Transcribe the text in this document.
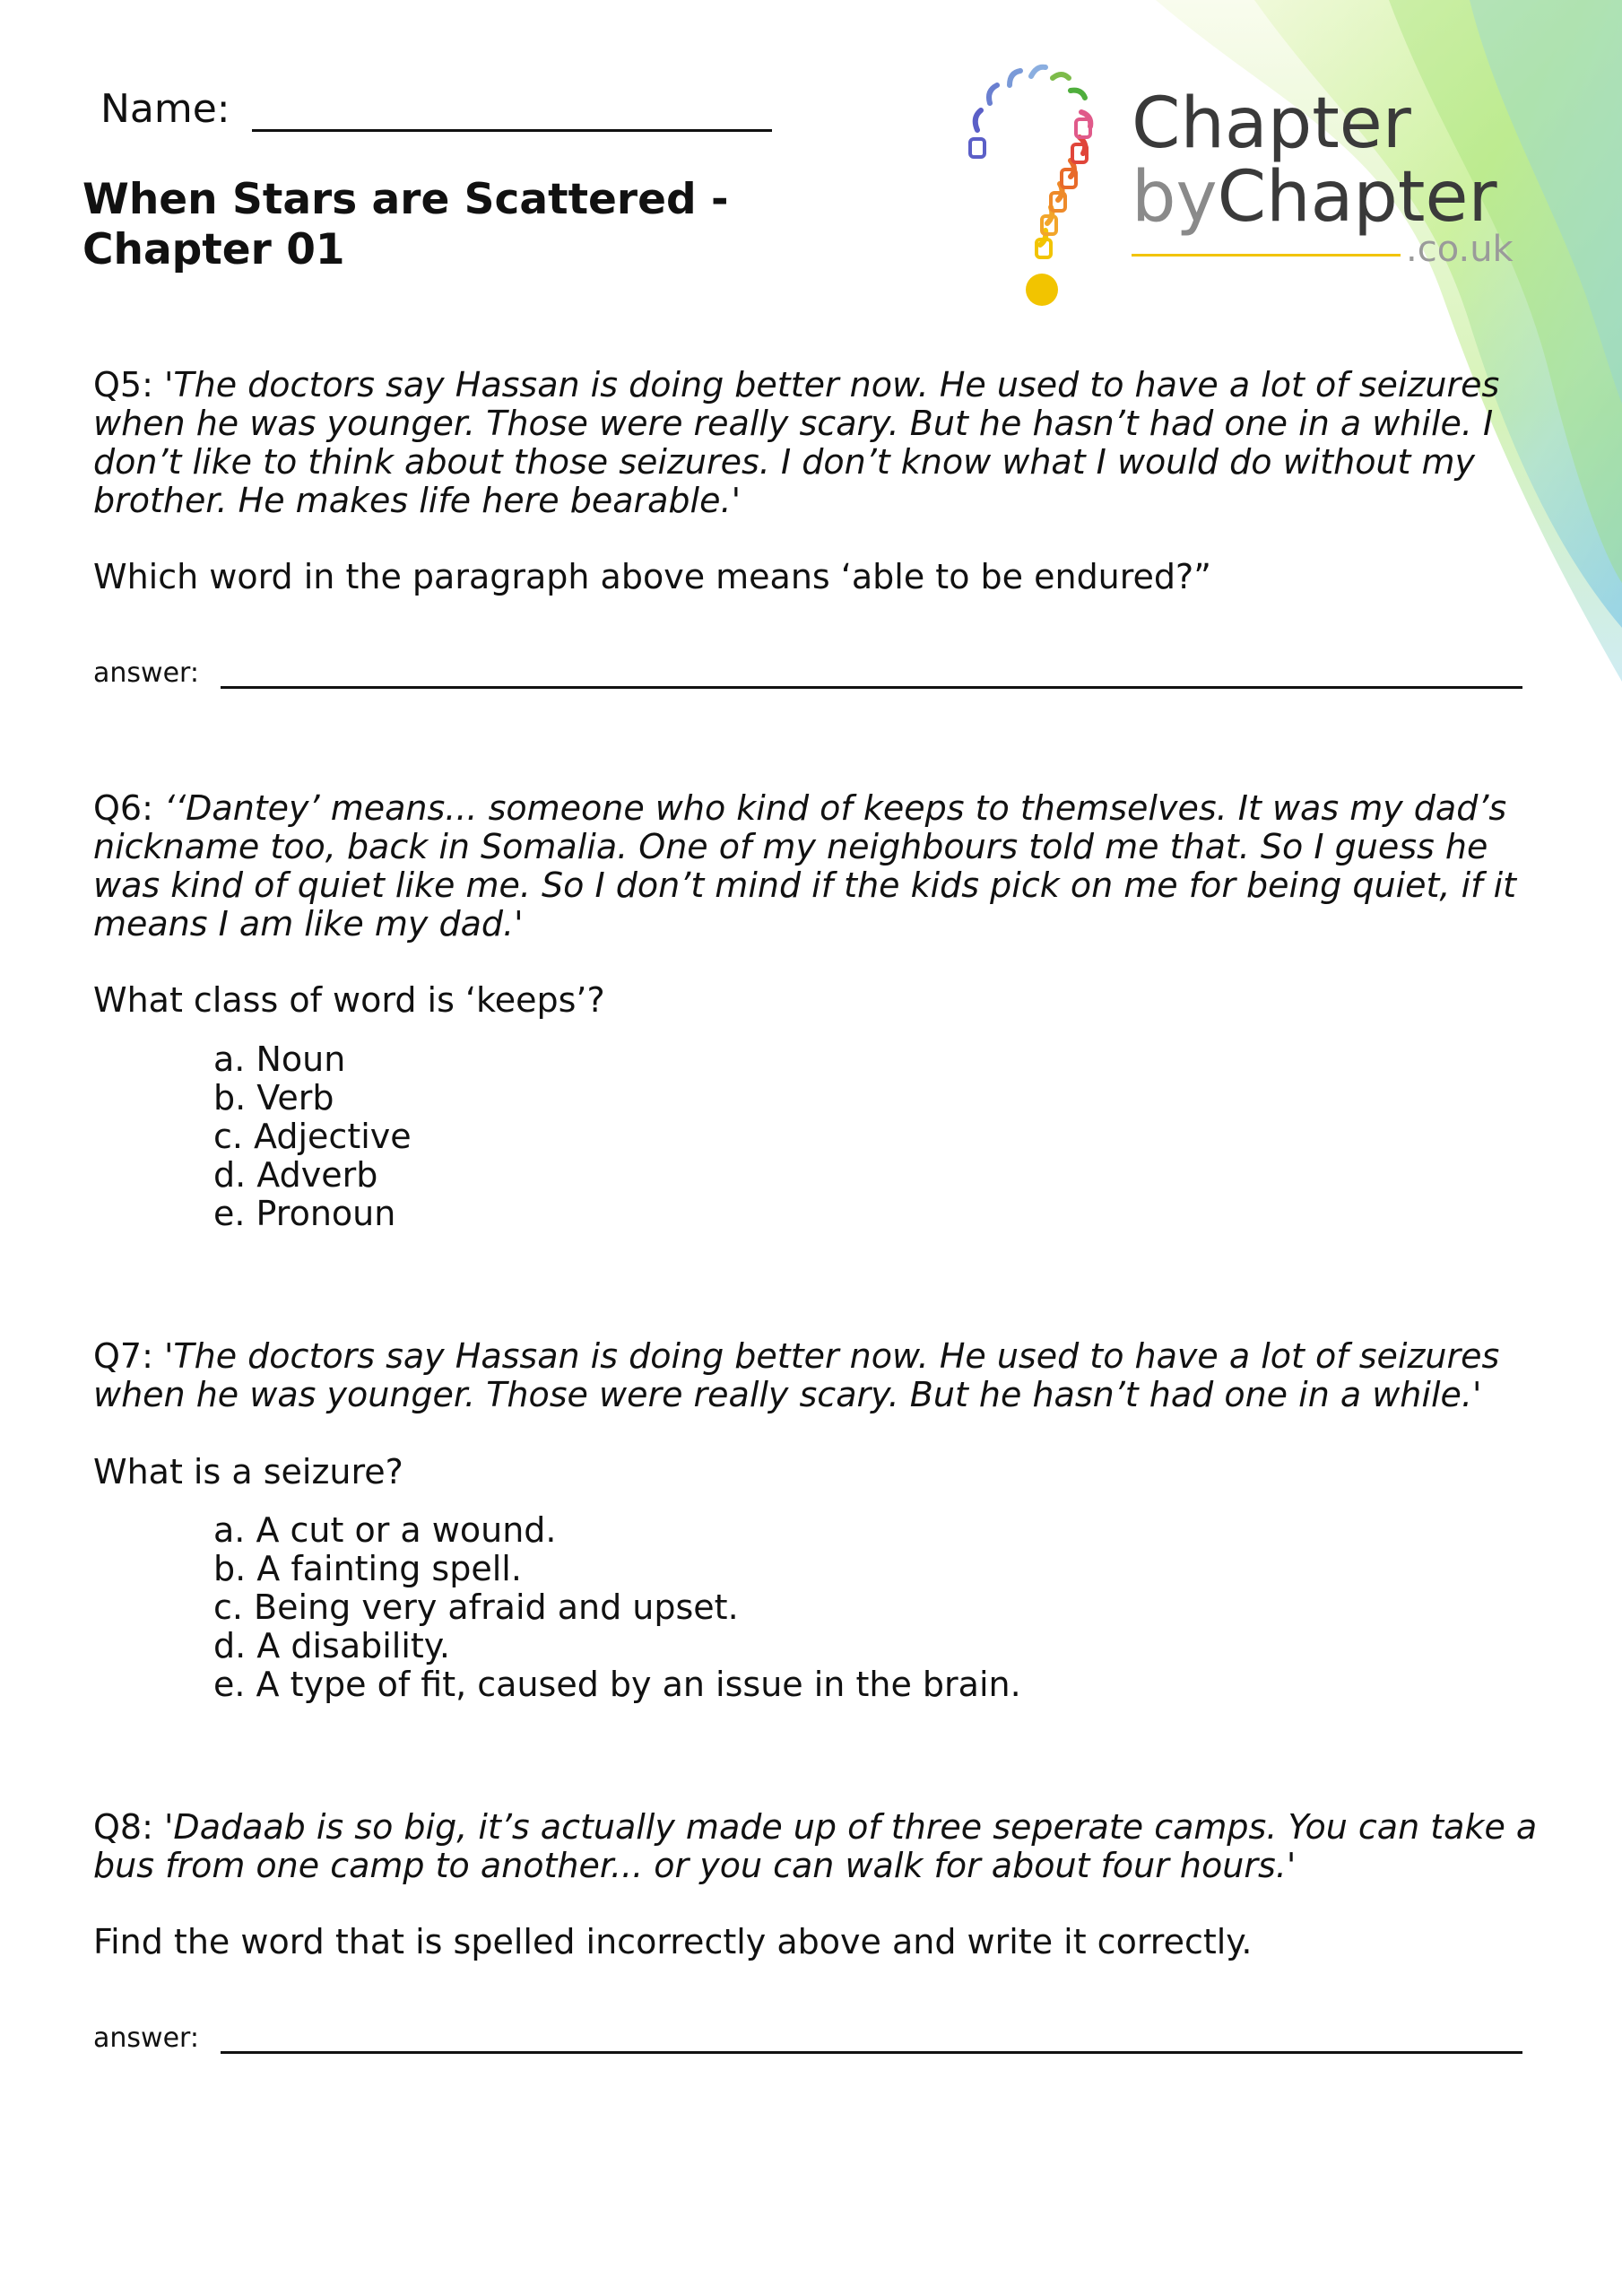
Name:
When Stars are Scattered - Chapter 01
Chapter
byChapter
.co.uk
Q5: 'The doctors say Hassan is doing better now. He used to have a lot of seizures when he was younger. Those were really scary. But he hasn’t had one in a while. I don’t like to think about those seizures. I don’t know what I would do without my brother. He makes life here bearable.'
Which word in the paragraph above means ‘able to be endured?”
answer:
Q6: ‘‘Dantey’ means... someone who kind of keeps to themselves. It was my dad’s nickname too, back in Somalia. One of my neighbours told me that. So I guess he was kind of quiet like me. So I don’t mind if the kids pick on me for being quiet, if it means I am like my dad.'
What class of word is ‘keeps’?
a. Noun
b. Verb
c. Adjective
d. Adverb
e. Pronoun
Q7: 'The doctors say Hassan is doing better now. He used to have a lot of seizures when he was younger. Those were really scary. But he hasn’t had one in a while.'
What is a seizure?
a. A cut or a wound.
b. A fainting spell.
c. Being very afraid and upset.
d. A disability.
e. A type of fit, caused by an issue in the brain.
Q8: 'Dadaab is so big, it’s actually made up of three seperate camps. You can take a bus from one camp to another... or you can walk for about four hours.'
Find the word that is spelled incorrectly above and write it correctly.
answer:
